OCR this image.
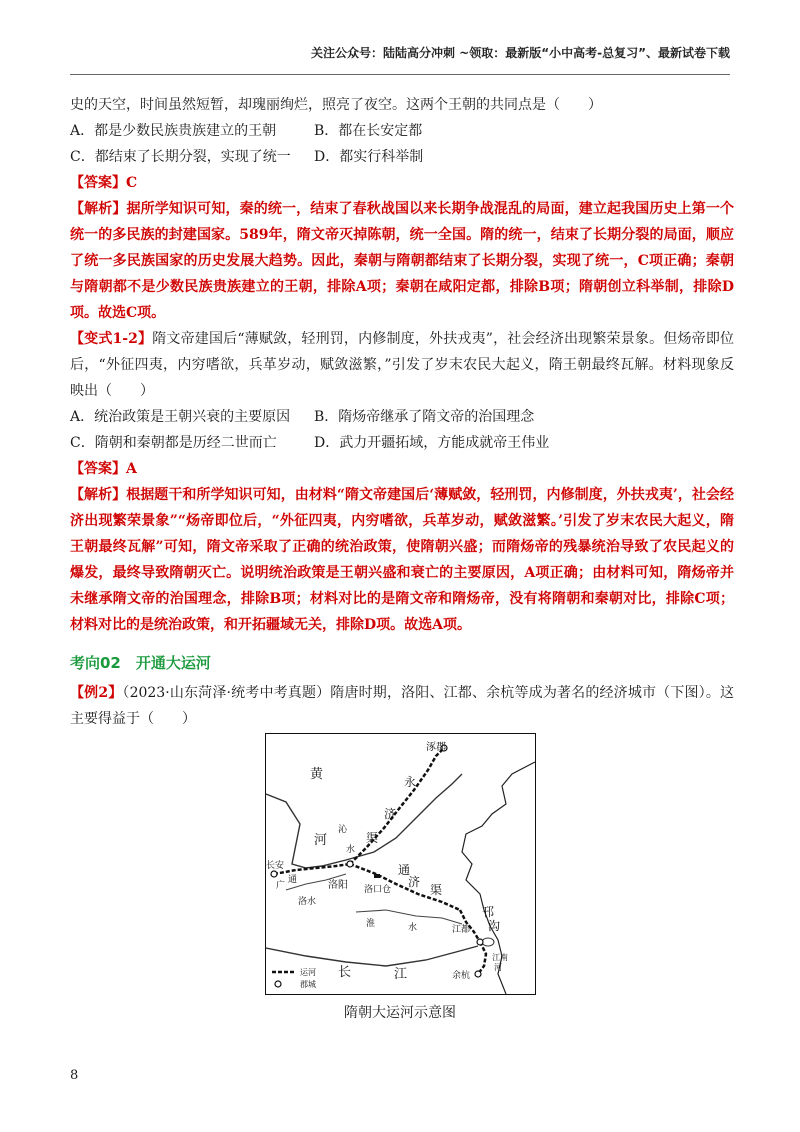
关注公众号：陆陆高分冲刺 ~领取：最新版“小中高考-总复习”、最新试卷下载
史的天空，时间虽然短暂，却瑰丽绚烂，照亮了夜空。这两个王朝的共同点是（　　）
A．都是少数民族贵族建立的王朝	B．都在长安定都
C．都结束了长期分裂，实现了统一 D．都实行科举制
【答案】C
【解析】据所学知识可知，秦的统一，结束了春秋战国以来长期争战混乱的局面，建立起我国历史上第一个统一的多民族的封建国家。589年，隋文帝灭掉陈朝，统一全国。隋的统一，结束了长期分裂的局面，顺应了统一多民族国家的历史发展大趋势。因此，秦朝与隋朝都结束了长期分裂，实现了统一，C项正确；秦朝与隋朝都不是少数民族贵族建立的王朝，排除A项；秦朝在咸阳定都，排除B项；隋朝创立科举制，排除D项。故选C项。
【变式1-2】隋文帝建国后“薄赋敛，轻刑罚，内修制度，外扶戎夷”，社会经济出现繁荣景象。但炀帝即位后，“外征四夷，内穷嗜欲，兵革岁动，赋敛滋繁，”引发了岁末农民大起义，隋王朝最终瓦解。材料现象反映出（　　）
A．统治政策是王朝兴衰的主要原因 B．隋炀帝继承了隋文帝的治国理念
C．隋朝和秦朝都是历经二世而亡	D．武力开疆拓域，方能成就帝王伟业
【答案】A
【解析】根据题干和所学知识可知，由材料“隋文帝建国后‘薄赋敛，轻刑罚，内修制度，外扶戎夷’，社会经济出现繁荣景象”“炀帝即位后，“外征四夷，内穷嗜欲，兵革岁动，赋敛滋繁。’引发了岁末农民大起义，隋王朝最终瓦解”可知，隋文帝采取了正确的统治政策，使隋朝兴盛；而隋炀帝的残暴统治导致了农民起义的爆发，最终导致隋朝灭亡。说明统治政策是王朝兴盛和衰亡的主要原因，A项正确；由材料可知，隋炀帝并未继承隋文帝的治国理念，排除B项；材料对比的是隋文帝和隋炀帝，没有将隋朝和秦朝对比，排除C项；材料对比的是统治政策，和开拓疆域无关，排除D项。故选A项。
考向02　开通大运河
【例2】（2023·山东菏泽·统考中考真题）隋唐时期，洛阳、江都、余杭等成为著名的经济城市（下图）。这主要得益于（　　）
涿郡
黄
河
永
济
沁
水
渠
长安
广
通
通
济
渠
洛阳 洛口仓
洛水
淮	水
邗
沟
江都
江南
河
余杭
长	江
运河
郡城
隋朝大运河示意图
8
